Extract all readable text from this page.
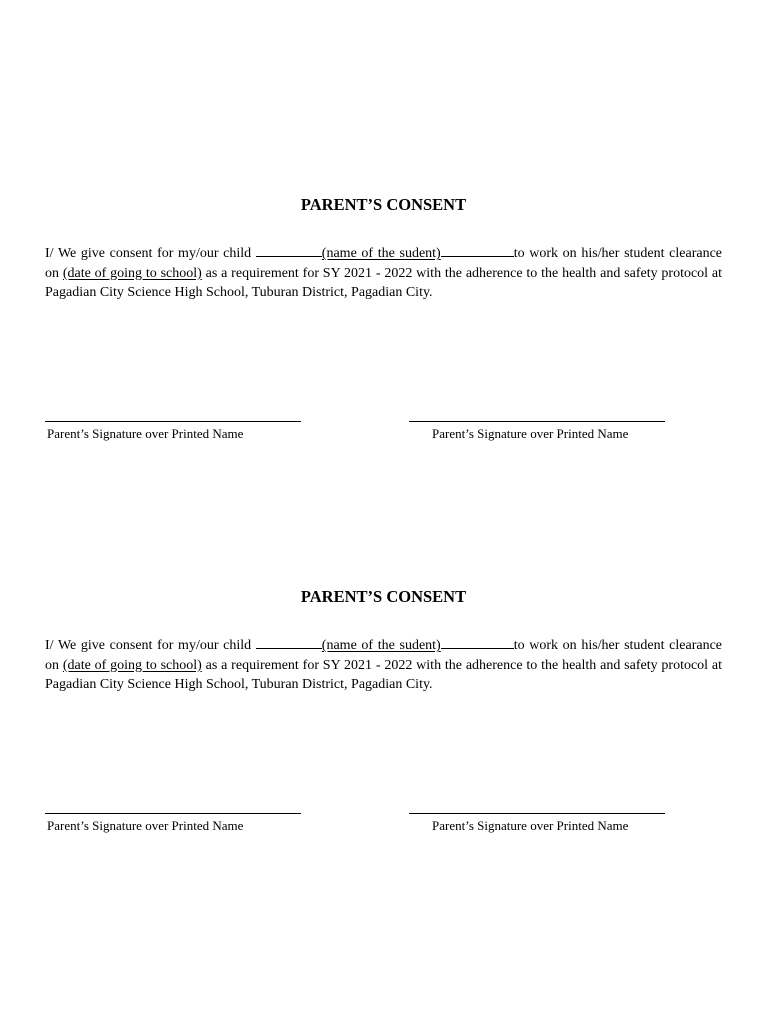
PARENT’S CONSENT

I/ We give consent for my/our child	(name of the sudent)	to work on his/her student clearance on (date of going to school) as a requirement for SY 2021 - 2022 with the adherence to the health and safety protocol at Pagadian City Science High School, Tuburan District, Pagadian City.

Parent’s Signature over Printed Name	Parent’s Signature over Printed Name
PARENT’S CONSENT

I/ We give consent for my/our child	(name of the sudent)	to work on his/her student clearance on (date of going to school) as a requirement for SY 2021 - 2022 with the adherence to the health and safety protocol at Pagadian City Science High School, Tuburan District, Pagadian City.

Parent’s Signature over Printed Name	Parent’s Signature over Printed Name
